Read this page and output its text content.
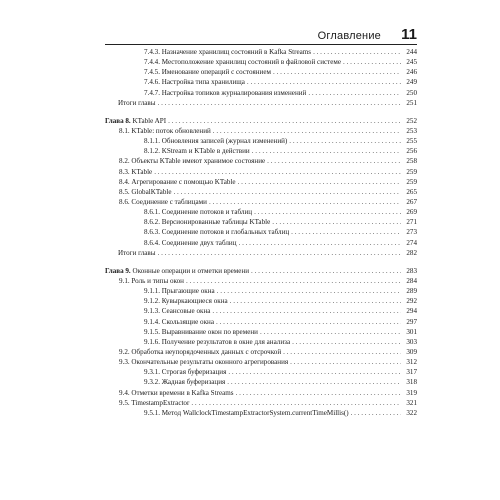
Оглавление 11
7.4.3. Назначение хранилищ состояний в Kafka Streams . . .	244
7.4.4. Местоположение хранилищ состояний в файловой системе . . .	245
7.4.5. Именование операций с состоянием . . .	246
7.4.6. Настройка типа хранилища . . .	249
7.4.7. Настройка топиков журналирования изменений . . .	250
Итоги главы . . .	251
Глава 8. KTable API . . .	252
8.1. KTable: поток обновлений . . .	253
8.1.1. Обновления записей (журнал изменений) . . .	255
8.1.2. KStream и KTable в действии . . .	256
8.2. Объекты KTable имеют хранимое состояние . . .	258
8.3. KTable . . .	259
8.4. Агрегирование с помощью KTable . . .	259
8.5. GlobalKTable . . .	265
8.6. Соединение с таблицами . . .	267
8.6.1. Соединение потоков и таблиц . . .	269
8.6.2. Версионированные таблицы KTable . . .	271
8.6.3. Соединение потоков и глобальных таблиц . . .	273
8.6.4. Соединение двух таблиц . . .	274
Итоги главы . . .	282
Глава 9. Оконные операции и отметки времени . . .	283
9.1. Роль и типы окон . . .	284
9.1.1. Прыгающие окна . . .	289
9.1.2. Кувыркающиеся окна . . .	292
9.1.3. Сеансовые окна . . .	294
9.1.4. Скользящие окна . . .	297
9.1.5. Выравнивание окон по времени . . .	301
9.1.6. Получение результатов в окне для анализа . . .	303
9.2. Обработка неупорядоченных данных с отсрочкой . . .	309
9.3. Окончательные результаты оконного агрегирования . . .	312
9.3.1. Строгая буферизация . . .	317
9.3.2. Жадная буферизация . . .	318
9.4. Отметки времени в Kafka Streams . . .	319
9.5. TimestampExtractor . . .	321
9.5.1. Метод WallclockTimestampExtractorSystem.currentTimeMillis() . . .	322
